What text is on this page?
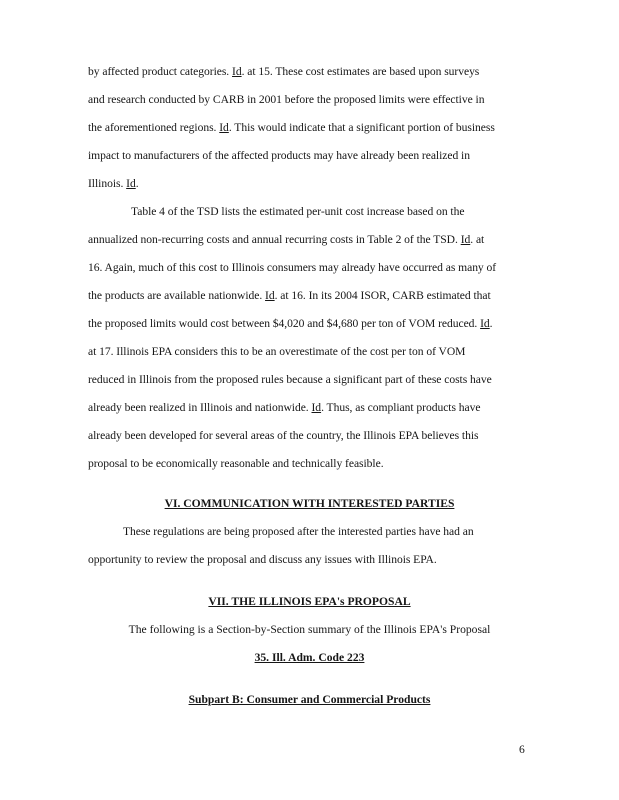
by affected product categories. Id. at 15. These cost estimates are based upon surveys
and research conducted by CARB in 2001 before the proposed limits were effective in
the aforementioned regions. Id. This would indicate that a significant portion of business
impact to manufacturers of the affected products may have already been realized in
Illinois. Id.
Table 4 of the TSD lists the estimated per-unit cost increase based on the
annualized non-recurring costs and annual recurring costs in Table 2 of the TSD. Id. at
16. Again, much of this cost to Illinois consumers may already have occurred as many of
the products are available nationwide. Id. at 16. In its 2004 ISOR, CARB estimated that
the proposed limits would cost between $4,020 and $4,680 per ton of VOM reduced. Id.
at 17. Illinois EPA considers this to be an overestimate of the cost per ton of VOM
reduced in Illinois from the proposed rules because a significant part of these costs have
already been realized in Illinois and nationwide. Id. Thus, as compliant products have
already been developed for several areas of the country, the Illinois EPA believes this
proposal to be economically reasonable and technically feasible.
VI. COMMUNICATION WITH INTERESTED PARTIES
These regulations are being proposed after the interested parties have had an
opportunity to review the proposal and discuss any issues with Illinois EPA.
VII. THE ILLINOIS EPA's PROPOSAL
The following is a Section-by-Section summary of the Illinois EPA's Proposal
35. Ill. Adm. Code 223
Subpart B: Consumer and Commercial Products
6
